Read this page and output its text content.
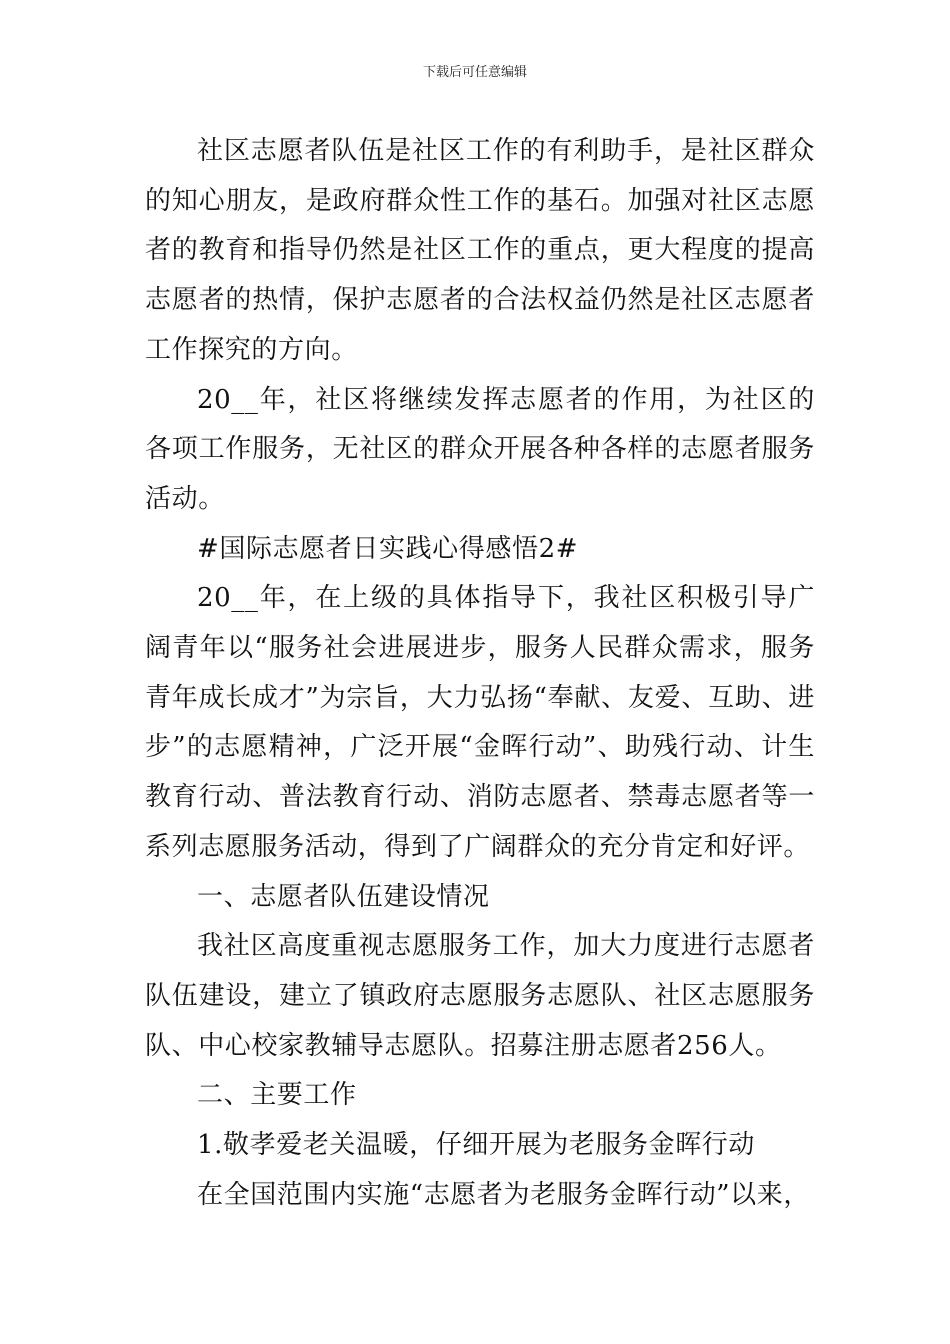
下载后可任意编辑

社区志愿者队伍是社区工作的有利助手，是社区群众的知心朋友，是政府群众性工作的基石。加强对社区志愿者的教育和指导仍然是社区工作的重点，更大程度的提高志愿者的热情，保护志愿者的合法权益仍然是社区志愿者工作探究的方向。

20__年，社区将继续发挥志愿者的作用，为社区的各项工作服务，无社区的群众开展各种各样的志愿者服务活动。

#国际志愿者日实践心得感悟2#

20__年，在上级的具体指导下，我社区积极引导广阔青年以“服务社会进展进步，服务人民群众需求，服务青年成长成才”为宗旨，大力弘扬“奉献、友爱、互助、进步”的志愿精神，广泛开展“金晖行动”、助残行动、计生教育行动、普法教育行动、消防志愿者、禁毒志愿者等一系列志愿服务活动，得到了广阔群众的充分肯定和好评。

一、志愿者队伍建设情况

我社区高度重视志愿服务工作，加大力度进行志愿者队伍建设，建立了镇政府志愿服务志愿队、社区志愿服务队、中心校家教辅导志愿队。招募注册志愿者256人。

二、主要工作

1.敬孝爱老关温暖，仔细开展为老服务金晖行动

在全国范围内实施“志愿者为老服务金晖行动”以来，
